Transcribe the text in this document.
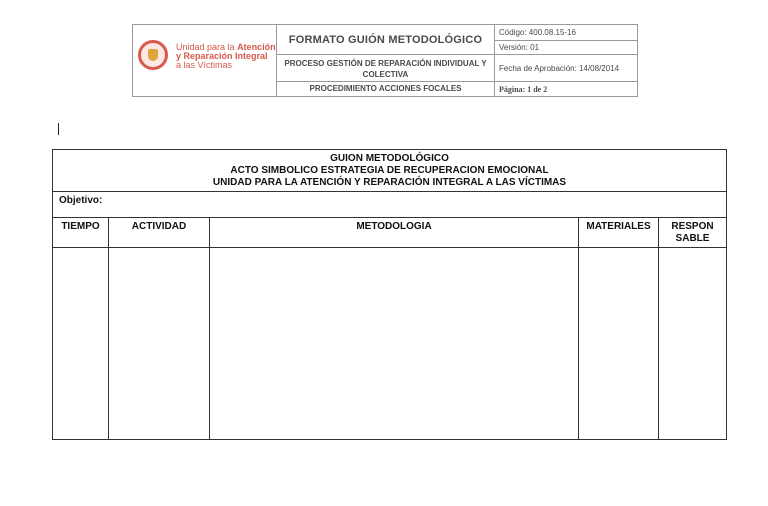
Unidad para la Atención
y Reparación Integral
a las Víctimas
FORMATO GUIÓN METODOLÓGICO
PROCESO GESTIÓN DE REPARACIÓN INDIVIDUAL Y COLECTIVA
PROCEDIMIENTO ACCIONES FOCALES
Código: 400.08.15-16
Versión: 01
Fecha de Aprobación: 14/08/2014
Página: 1 de 2
GUION METODOLÓGICO
ACTO SIMBOLICO ESTRATEGIA DE RECUPERACION EMOCIONAL
UNIDAD PARA LA ATENCIÓN Y REPARACIÓN INTEGRAL A LAS VÍCTIMAS
Objetivo:
TIEMPO	ACTIVIDAD	METODOLOGIA	MATERIALES	RESPON SABLE
